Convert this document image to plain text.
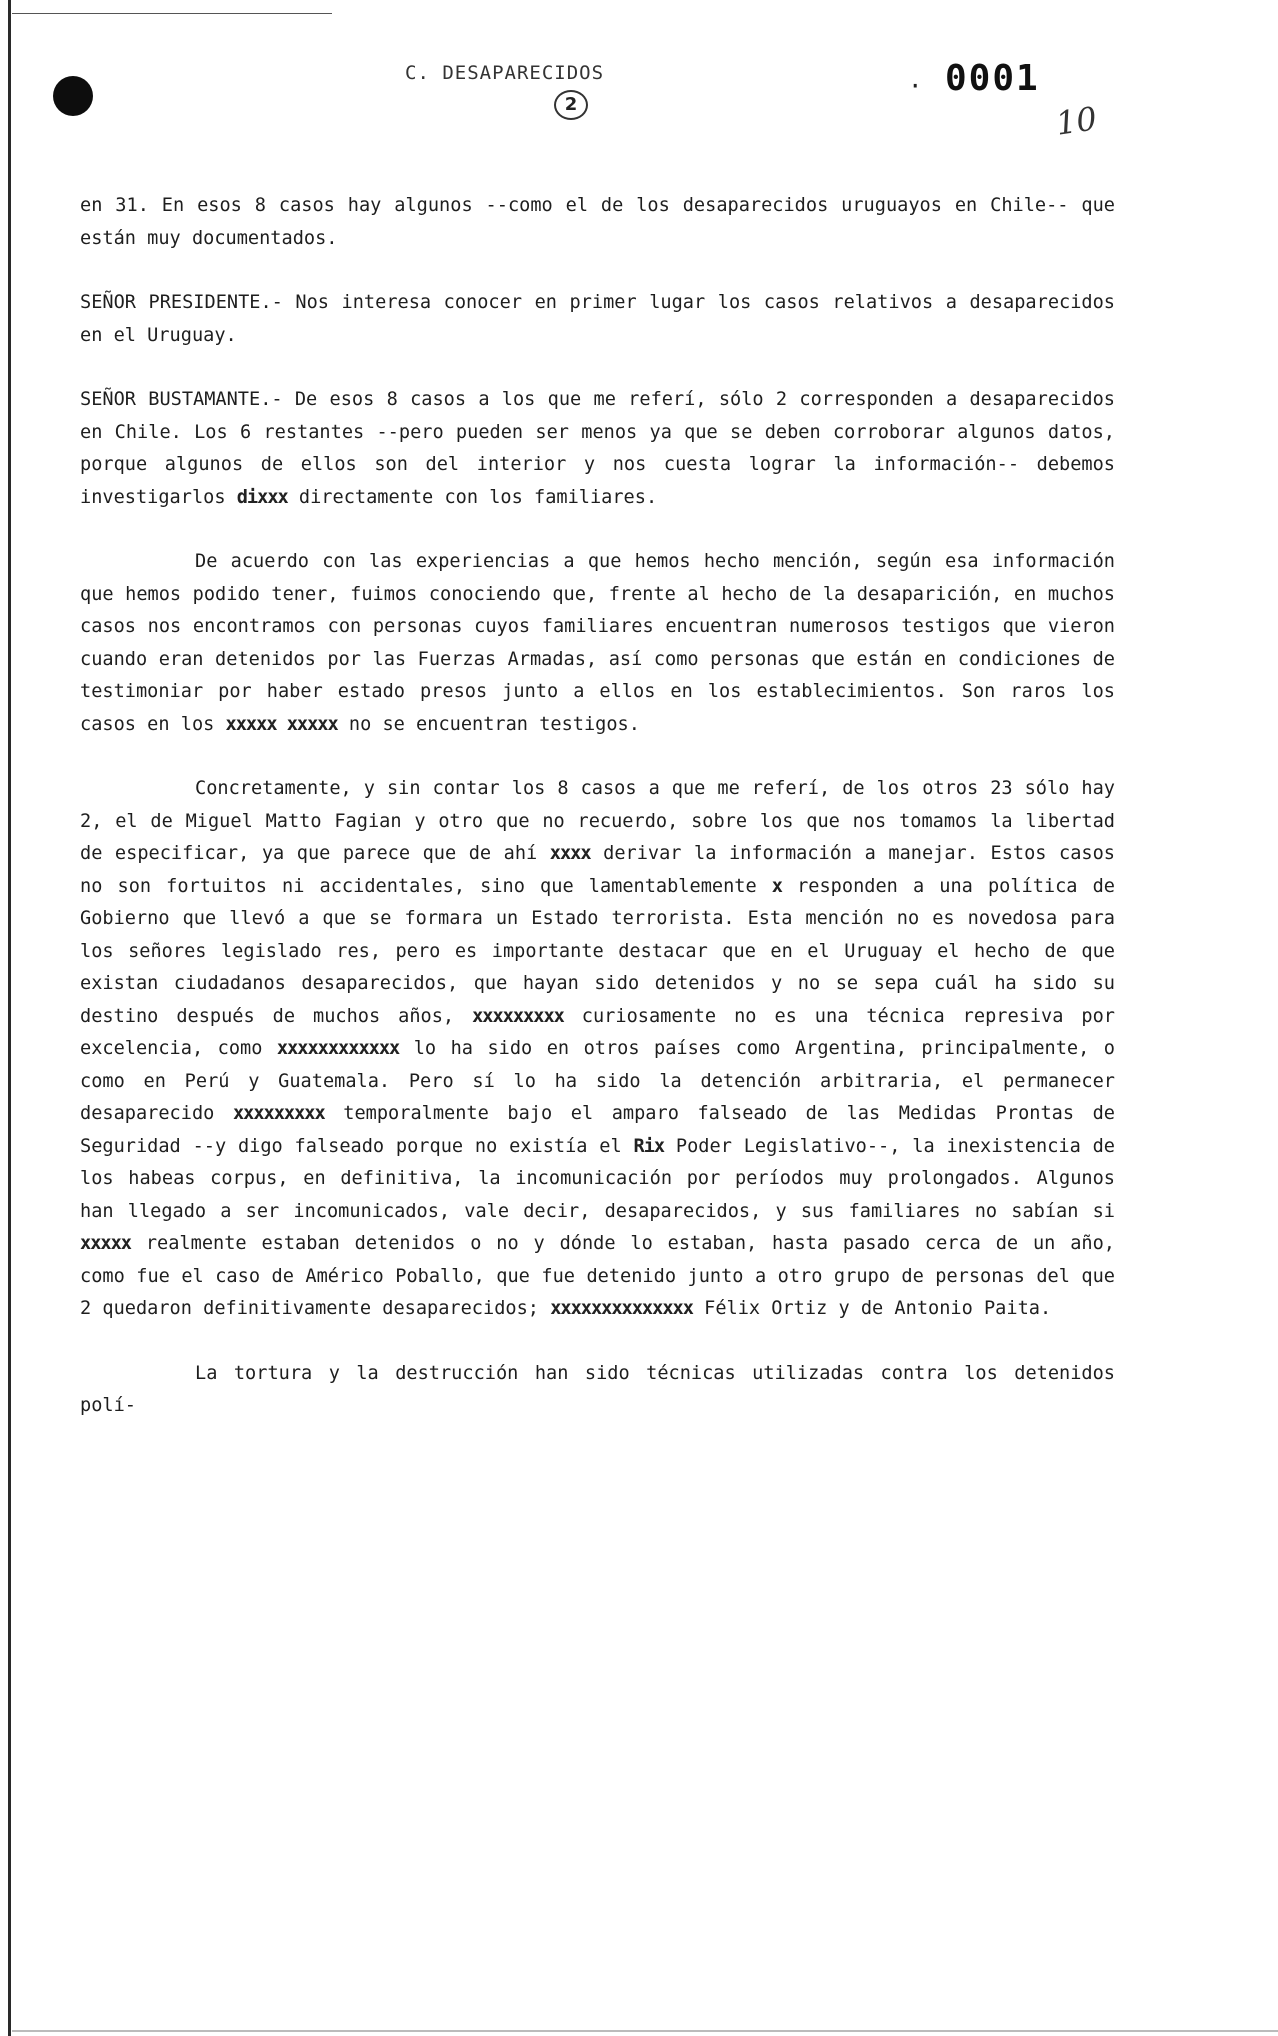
C. DESAPARECIDOS
2
· 0001
10

en 31. En esos 8 casos hay algunos --como el de los desaparecidos uruguayos en Chile-- que están muy documentados.

SEÑOR PRESIDENTE.- Nos interesa conocer en primer lugar los casos relativos a desaparecidos en el Uruguay.

SEÑOR BUSTAMANTE.- De esos 8 casos a los que me referí, sólo 2 corresponden a desaparecidos en Chile. Los 6 restantes --pero pueden ser menos ya que se deben corroborar algunos datos, porque algunos de ellos son del interior y nos cuesta lograr la información-- debemos investigarlos dixxx directamente con los familiares.

De acuerdo con las experiencias a que hemos hecho mención, según esa información que hemos podido tener, fuimos conociendo que, frente al hecho de la desaparición, en muchos casos nos encontramos con personas cuyos familiares encuentran numerosos testigos que vieron cuando eran detenidos por las Fuerzas Armadas, así como personas que están en condiciones de testimoniar por haber estado presos junto a ellos en los establecimientos. Son raros los casos en los xxxxx xxxxx no se encuentran testigos.

Concretamente, y sin contar los 8 casos a que me referí, de los otros 23 sólo hay 2, el de Miguel Matto Fagian y otro que no recuerdo, sobre los que nos tomamos la libertad de especificar, ya que parece que de ahí xxxx derivar la información a manejar. Estos casos no son fortuitos ni accidentales, sino que lamentablemente x responden a una política de Gobierno que llevó a que se formara un Estado terrorista. Esta mención no es novedosa para los señores legislado res, pero es importante destacar que en el Uruguay el hecho de que existan ciudadanos desaparecidos, que hayan sido detenidos y no se sepa cuál ha sido su destino después de muchos años, xxxxxxxxx curiosamente no es una técnica represiva por excelencia, como xxxxxxxxxxxx lo ha sido en otros países como Argentina, principalmente, o como en Perú y Guatemala. Pero sí lo ha sido la detención arbitraria, el permanecer desaparecido xxxxxxxxx temporalmente bajo el amparo falseado de las Medidas Prontas de Seguridad --y digo falseado porque no existía el Rix Poder Legislativo--, la inexistencia de los habeas corpus, en definitiva, la incomunicación por períodos muy prolongados. Algunos han llegado a ser incomunicados, vale decir, desaparecidos, y sus familiares no sabían si xxxxx realmente estaban detenidos o no y dónde lo estaban, hasta pasado cerca de un año, como fue el caso de Américo Poballo, que fue detenido junto a otro grupo de personas del que 2 quedaron definitivamente desaparecidos; xxxxxxxxxxxxxx Félix Ortiz y de Antonio Paita.

La tortura y la destrucción han sido técnicas utilizadas contra los detenidos polí-
